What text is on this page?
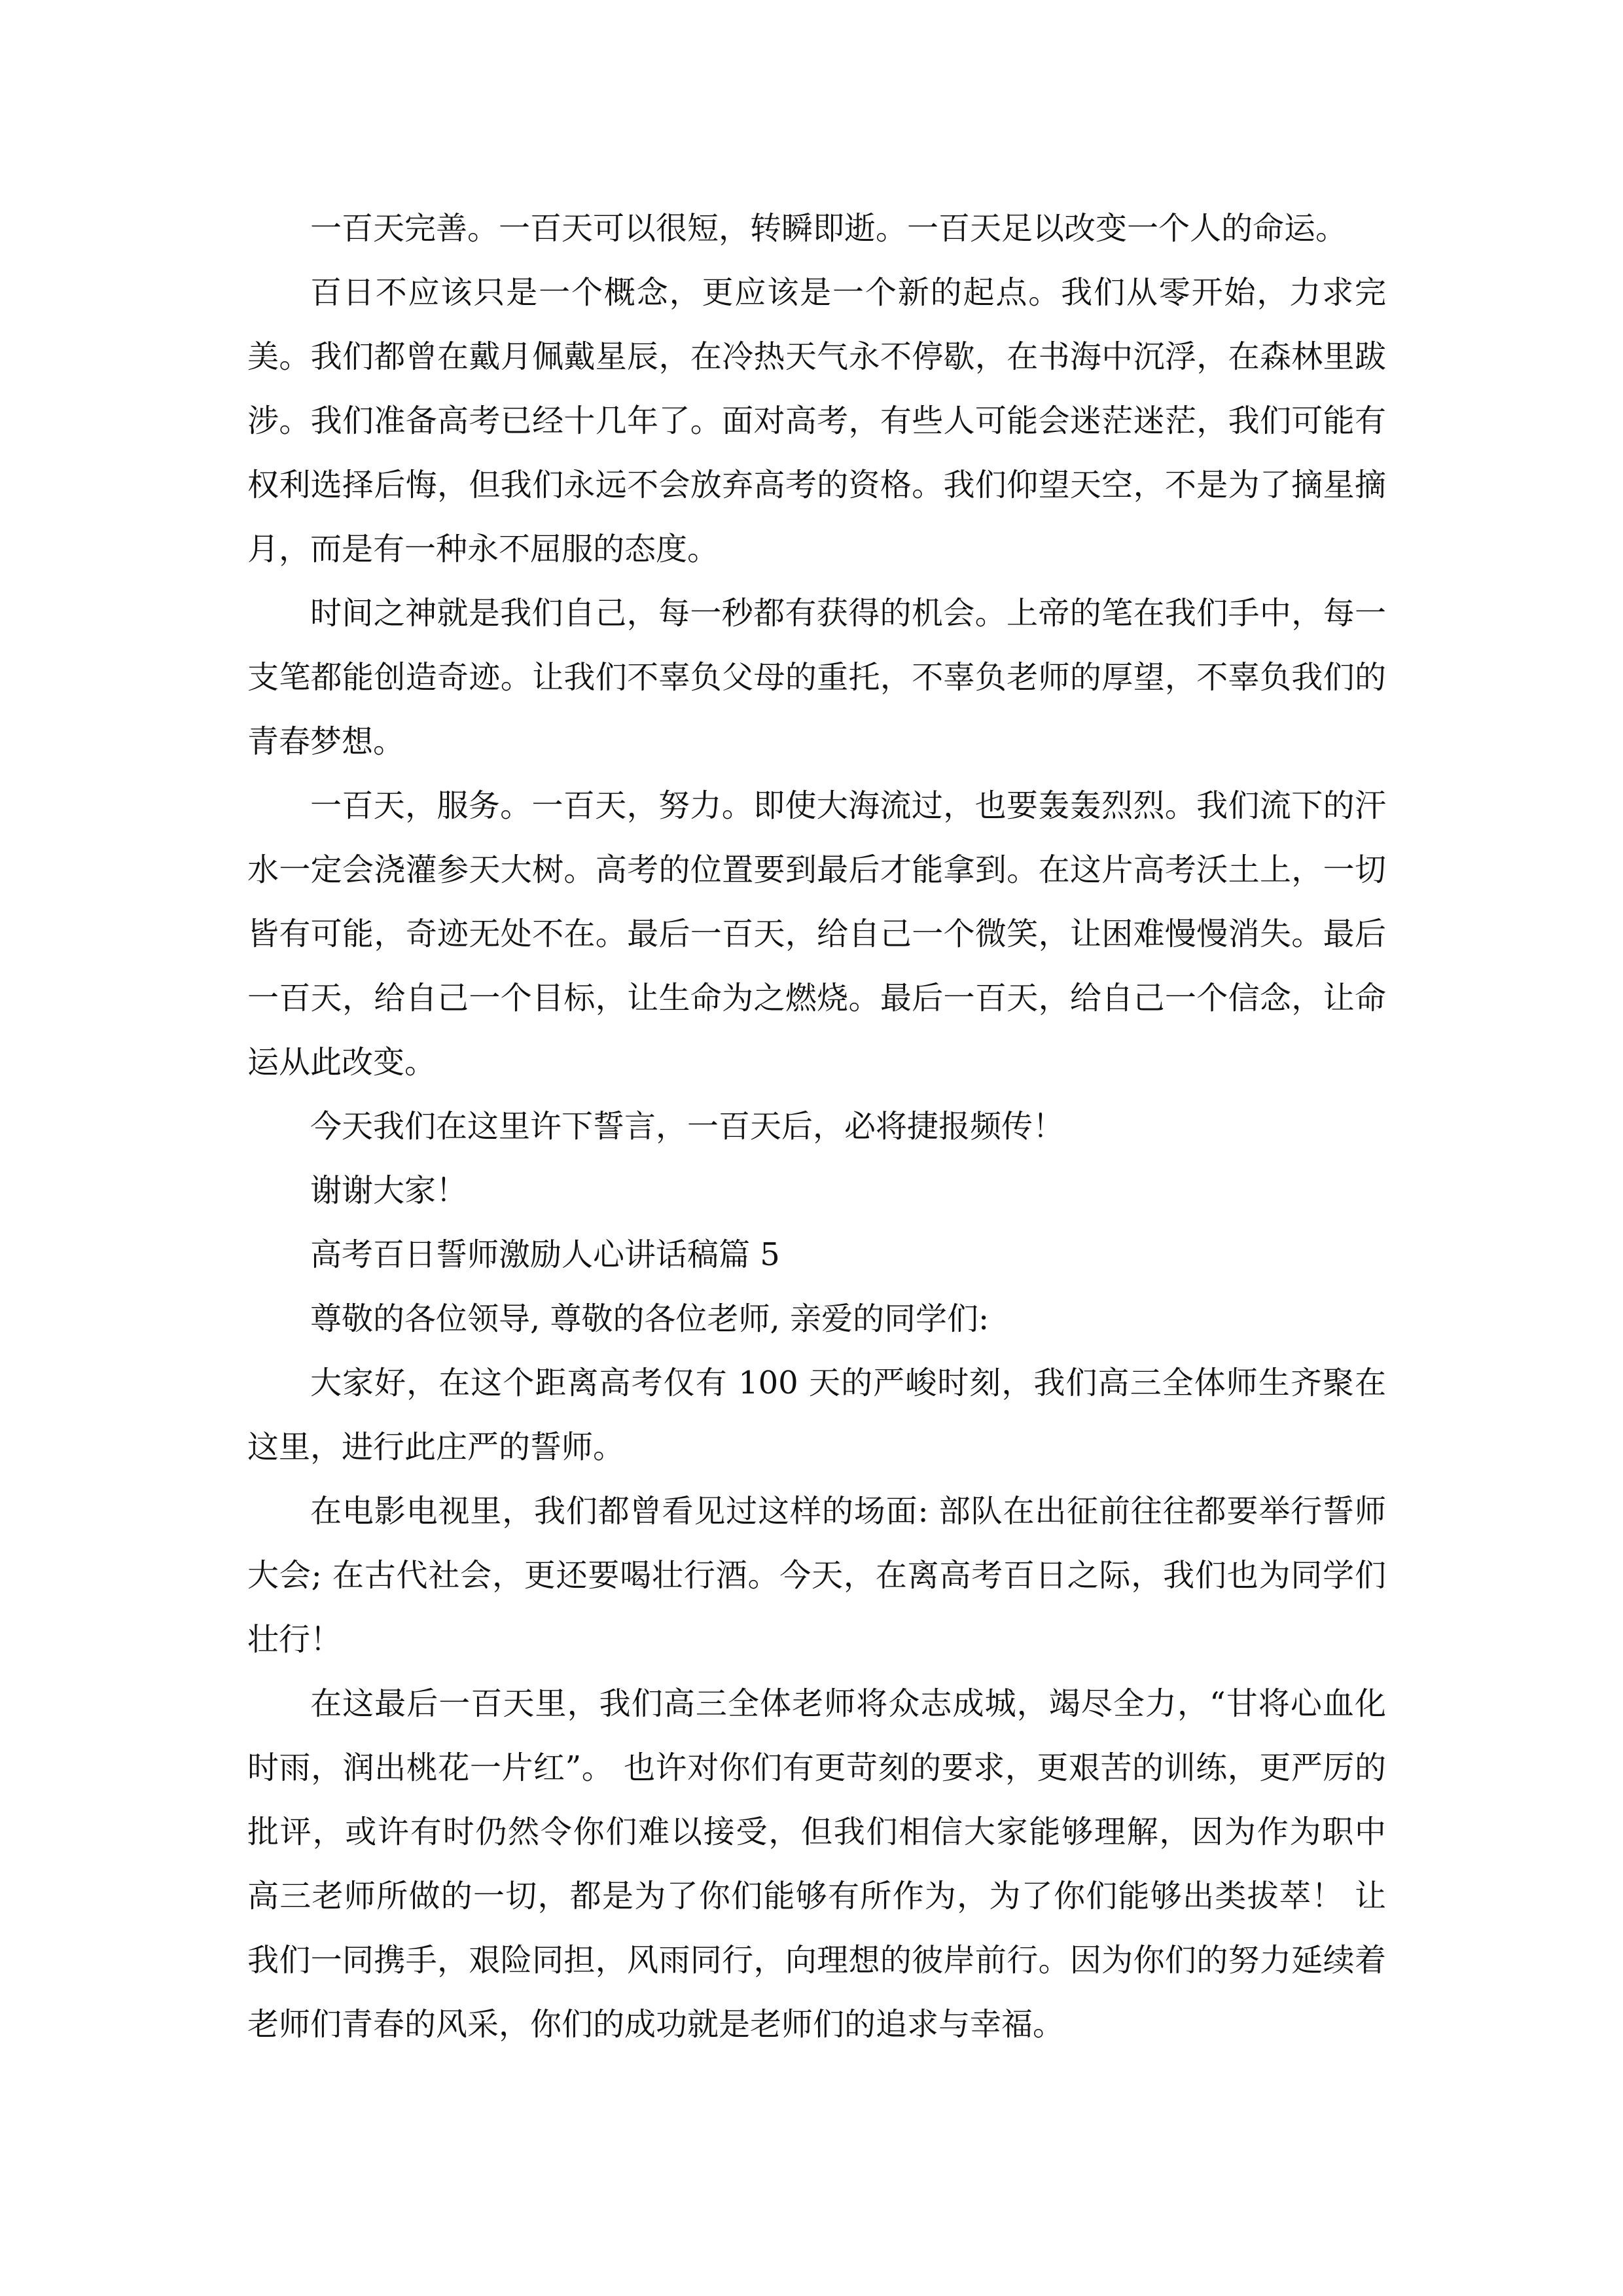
一百天完善。一百天可以很短，转瞬即逝。一百天足以改变一个人的命运。

百日不应该只是一个概念，更应该是一个新的起点。我们从零开始，力求完美。我们都曾在戴月佩戴星辰，在冷热天气永不停歇，在书海中沉浮，在森林里跋涉。我们准备高考已经十几年了。面对高考，有些人可能会迷茫迷茫，我们可能有权利选择后悔，但我们永远不会放弃高考的资格。我们仰望天空，不是为了摘星摘月，而是有一种永不屈服的态度。

时间之神就是我们自己，每一秒都有获得的机会。上帝的笔在我们手中，每一支笔都能创造奇迹。让我们不辜负父母的重托，不辜负老师的厚望，不辜负我们的青春梦想。

一百天，服务。一百天，努力。即使大海流过，也要轰轰烈烈。我们流下的汗水一定会浇灌参天大树。高考的位置要到最后才能拿到。在这片高考沃土上，一切皆有可能，奇迹无处不在。最后一百天，给自己一个微笑，让困难慢慢消失。最后一百天，给自己一个目标，让生命为之燃烧。最后一百天，给自己一个信念，让命运从此改变。

今天我们在这里许下誓言，一百天后，必将捷报频传！

谢谢大家！

高考百日誓师激励人心讲话稿篇 5

尊敬的各位领导, 尊敬的各位老师, 亲爱的同学们:

大家好，在这个距离高考仅有 100 天的严峻时刻，我们高三全体师生齐聚在这里，进行此庄严的誓师。

在电影电视里，我们都曾看见过这样的场面: 部队在出征前往往都要举行誓师大会; 在古代社会，更还要喝壮行酒。今天，在离高考百日之际，我们也为同学们壮行！

在这最后一百天里，我们高三全体老师将众志成城，竭尽全力，“甘将心血化时雨，润出桃花一片红”。 也许对你们有更苛刻的要求，更艰苦的训练，更严厉的批评，或许有时仍然令你们难以接受，但我们相信大家能够理解，因为作为职中 高三老师所做的一切，都是为了你们能够有所作为，为了你们能够出类拔萃！ 让我们一同携手，艰险同担，风雨同行，向理想的彼岸前行。因为你们的努力延续着老师们青春的风采，你们的成功就是老师们的追求与幸福。
